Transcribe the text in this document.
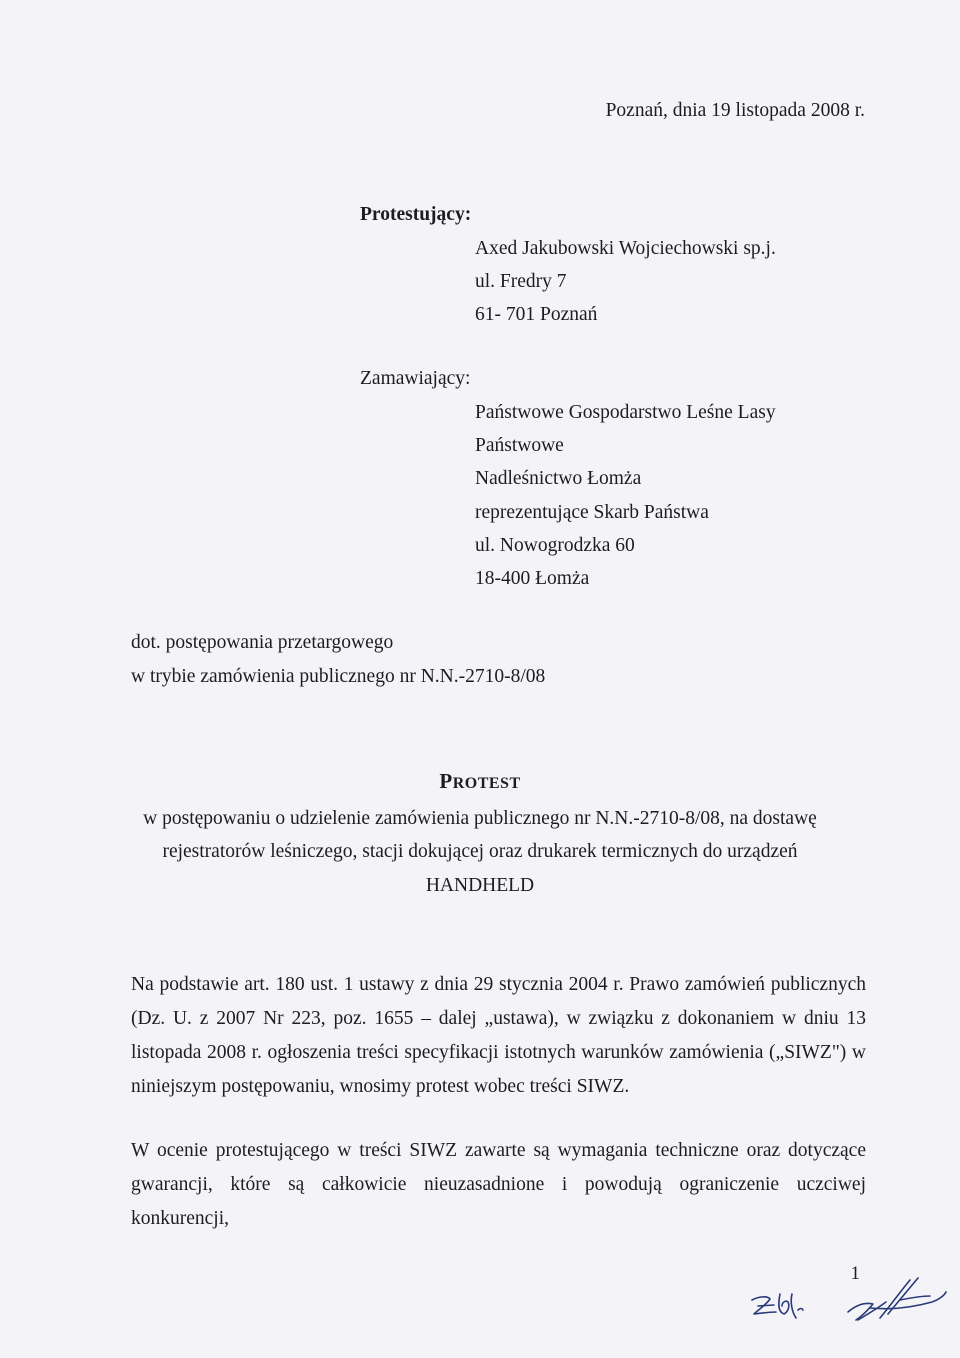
Poznań, dnia 19 listopada 2008 r.
Protestujący:
Axed Jakubowski Wojciechowski sp.j.
ul. Fredry 7
61- 701 Poznań
Zamawiający:
Państwowe Gospodarstwo Leśne Lasy
Państwowe
Nadleśnictwo Łomża
reprezentujące Skarb Państwa
ul. Nowogrodzka 60
18-400 Łomża
dot. postępowania przetargowego
w trybie zamówienia publicznego nr N.N.-2710-8/08
PROTEST
w postępowaniu o udzielenie zamówienia publicznego nr N.N.-2710-8/08, na dostawę
rejestratorów leśniczego, stacji dokującej oraz drukarek termicznych do urządzeń
HANDHELD

Na podstawie art. 180 ust. 1 ustawy z dnia 29 stycznia 2004 r. Prawo zamówień publicznych

(Dz. U. z 2007 Nr 223, poz. 1655 – dalej „ustawa), w związku z dokonaniem w dniu 13

listopada 2008 r. ogłoszenia treści specyfikacji istotnych warunków zamówienia („SIWZ") w

niniejszym postępowaniu, wnosimy protest wobec treści SIWZ.

W ocenie protestującego w treści SIWZ zawarte są wymagania techniczne oraz dotyczące

gwarancji, które są całkowicie nieuzasadnione i powodują ograniczenie uczciwej konkurencji,

1
